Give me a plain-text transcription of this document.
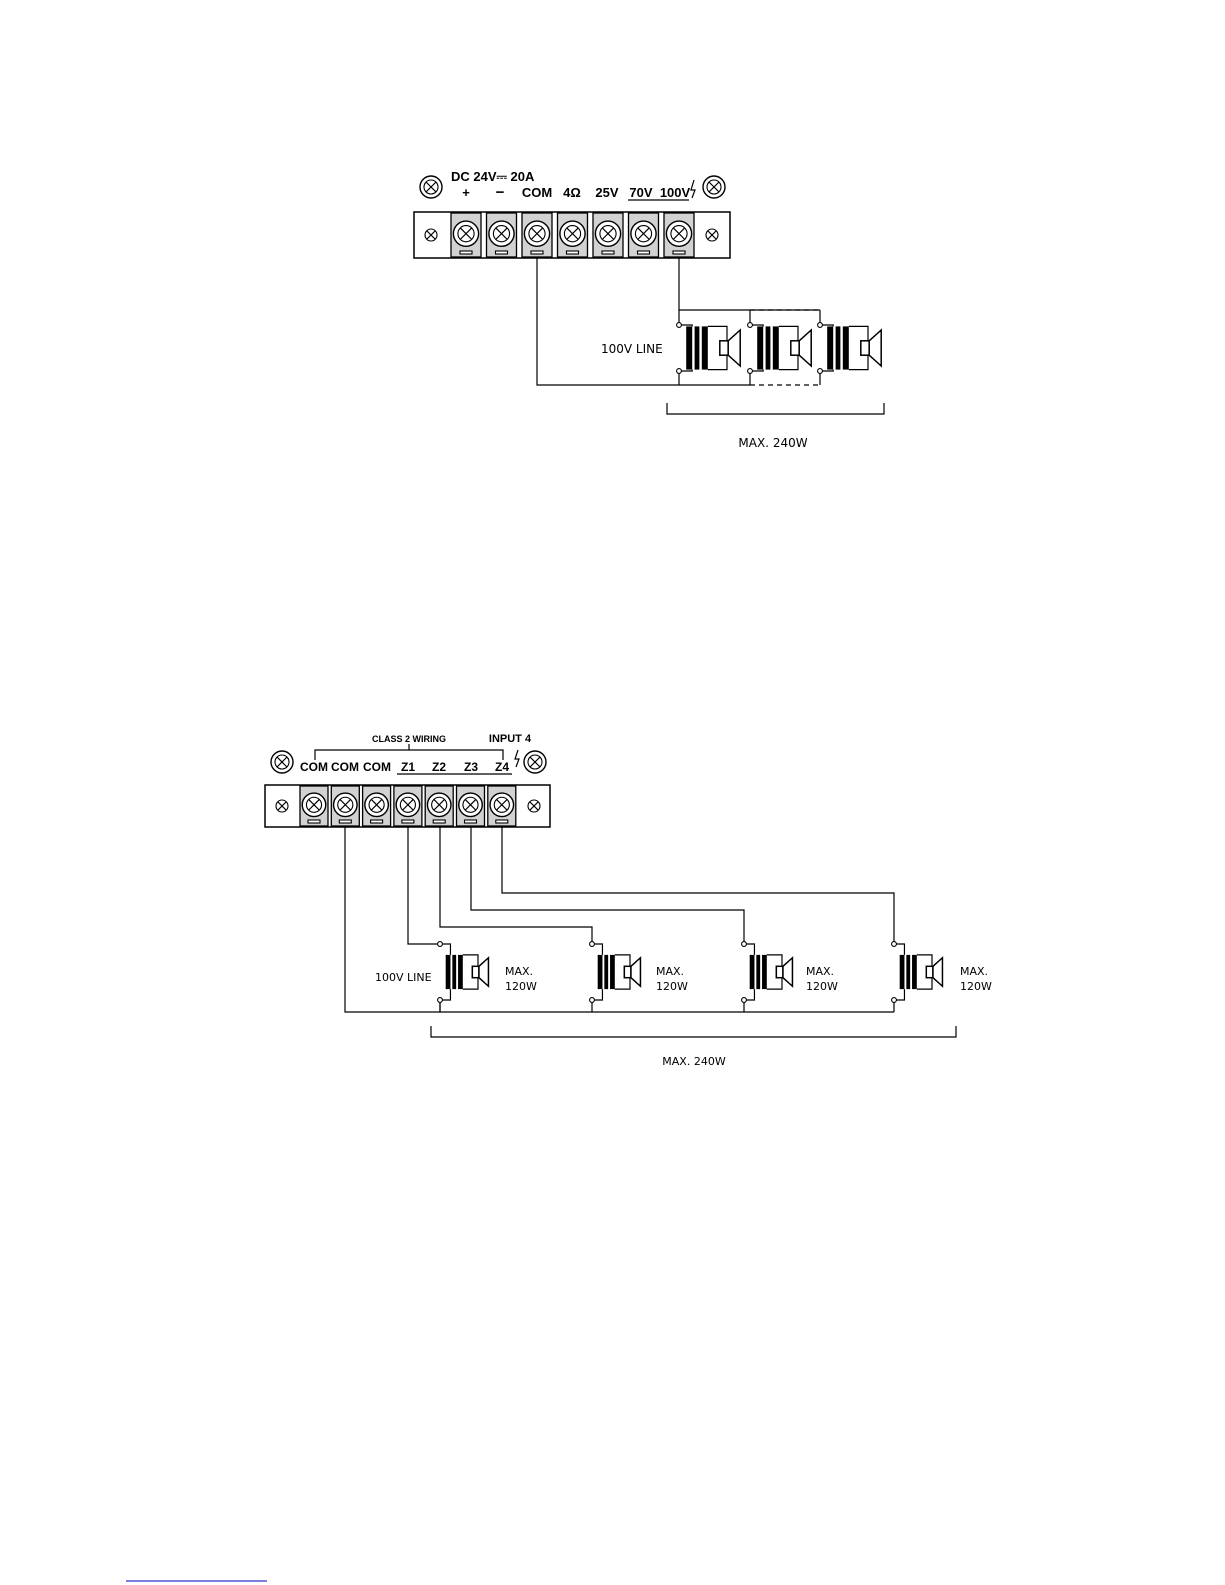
DC 24V⎓ 20A
+ − COM 4Ω 25V 70V 100V
100V LINE
MAX. 240W
CLASS 2 WIRING	INPUT 4
COM COM COM Z1 Z2 Z3 Z4
100V LINE	MAX.
120W
MAX.
120W
MAX.
120W
MAX.
120W
MAX. 240W
